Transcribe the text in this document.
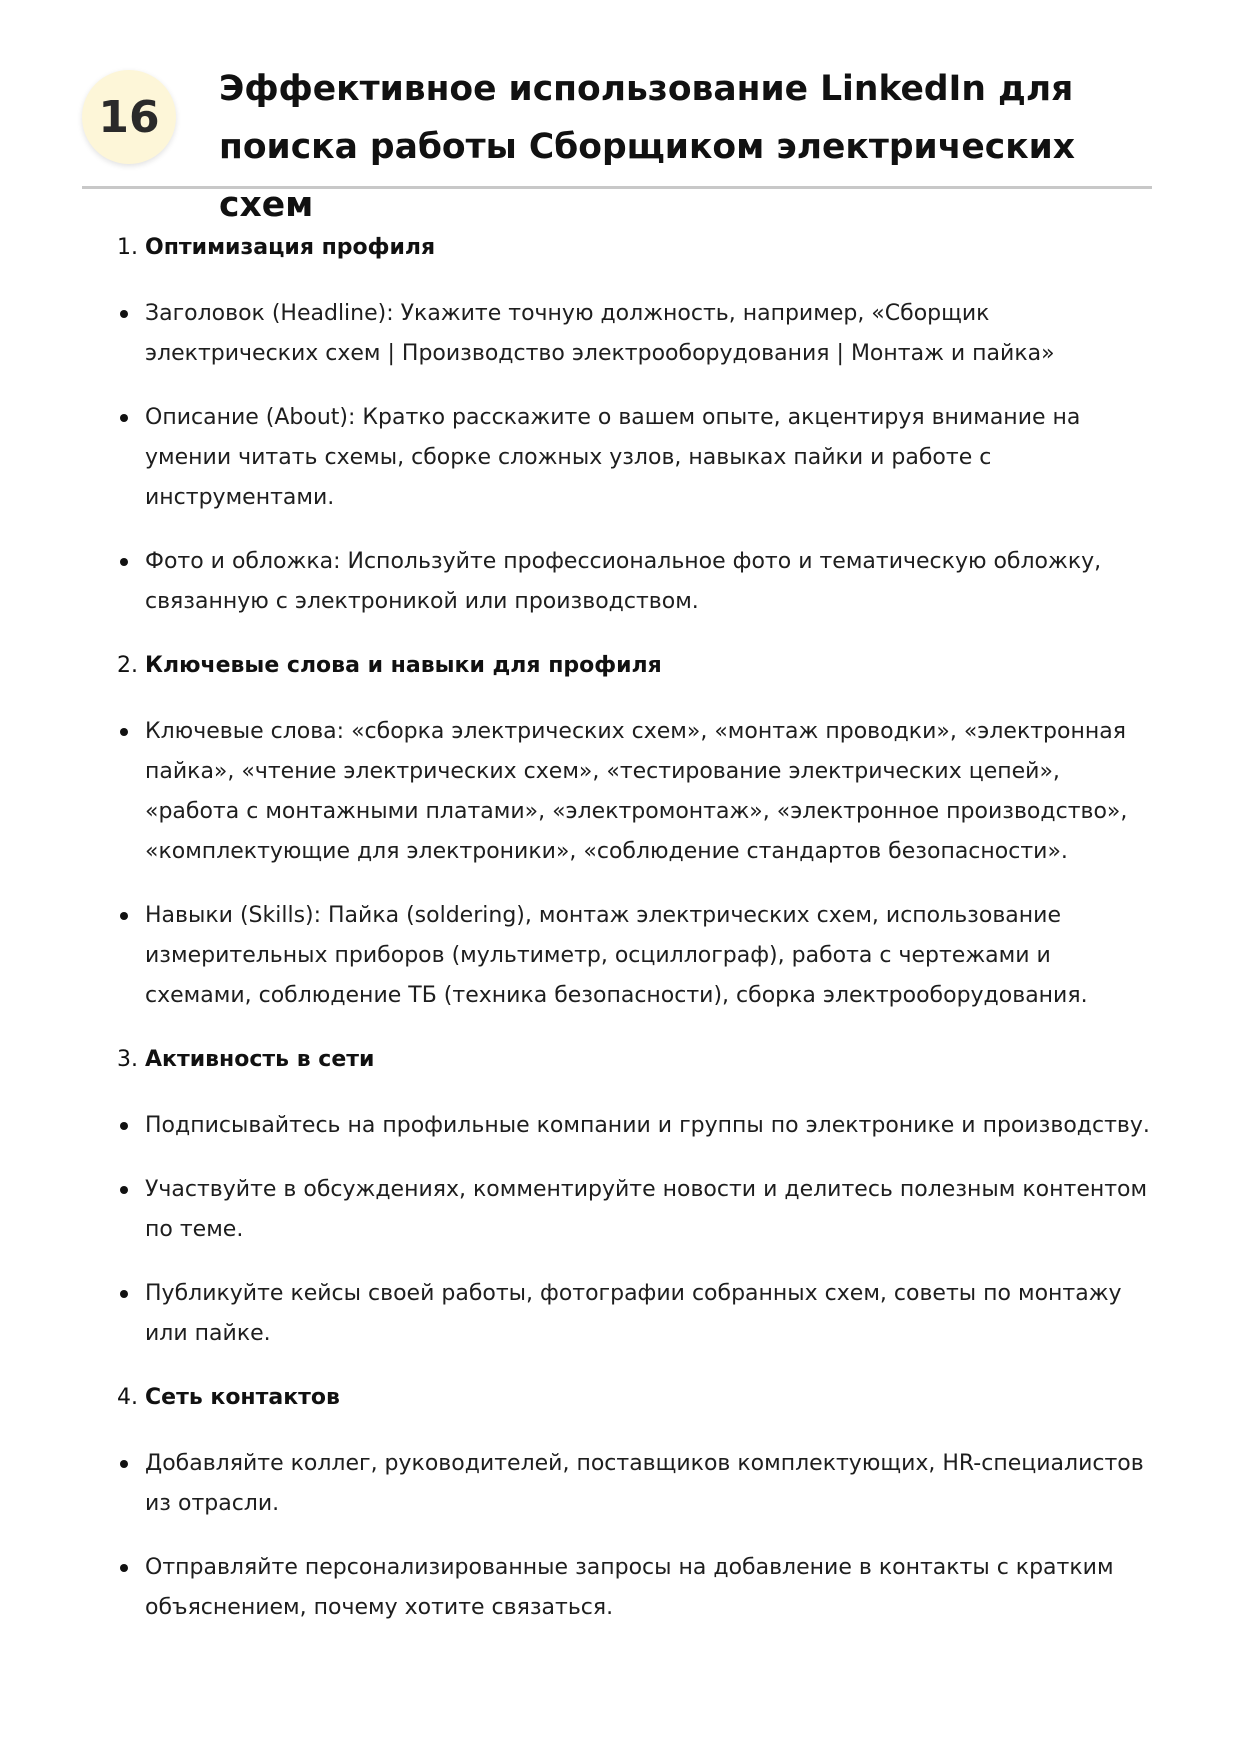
16
Эффективное использование LinkedIn для поиска работы Сборщиком электрических схем
1. Оптимизация профиля
Заголовок (Headline): Укажите точную должность, например, «Сборщик электрических схем | Производство электрооборудования | Монтаж и пайка»
Описание (About): Кратко расскажите о вашем опыте, акцентируя внимание на умении читать схемы, сборке сложных узлов, навыках пайки и работе с инструментами.
Фото и обложка: Используйте профессиональное фото и тематическую обложку, связанную с электроникой или производством.
2. Ключевые слова и навыки для профиля
Ключевые слова: «сборка электрических схем», «монтаж проводки», «электронная пайка», «чтение электрических схем», «тестирование электрических цепей», «работа с монтажными платами», «электромонтаж», «электронное производство», «комплектующие для электроники», «соблюдение стандартов безопасности».
Навыки (Skills): Пайка (soldering), монтаж электрических схем, использование измерительных приборов (мультиметр, осциллограф), работа с чертежами и схемами, соблюдение ТБ (техника безопасности), сборка электрооборудования.
3. Активность в сети
Подписывайтесь на профильные компании и группы по электронике и производству.
Участвуйте в обсуждениях, комментируйте новости и делитесь полезным контентом по теме.
Публикуйте кейсы своей работы, фотографии собранных схем, советы по монтажу или пайке.
4. Сеть контактов
Добавляйте коллег, руководителей, поставщиков комплектующих, HR-специалистов из отрасли.
Отправляйте персонализированные запросы на добавление в контакты с кратким объяснением, почему хотите связаться.
